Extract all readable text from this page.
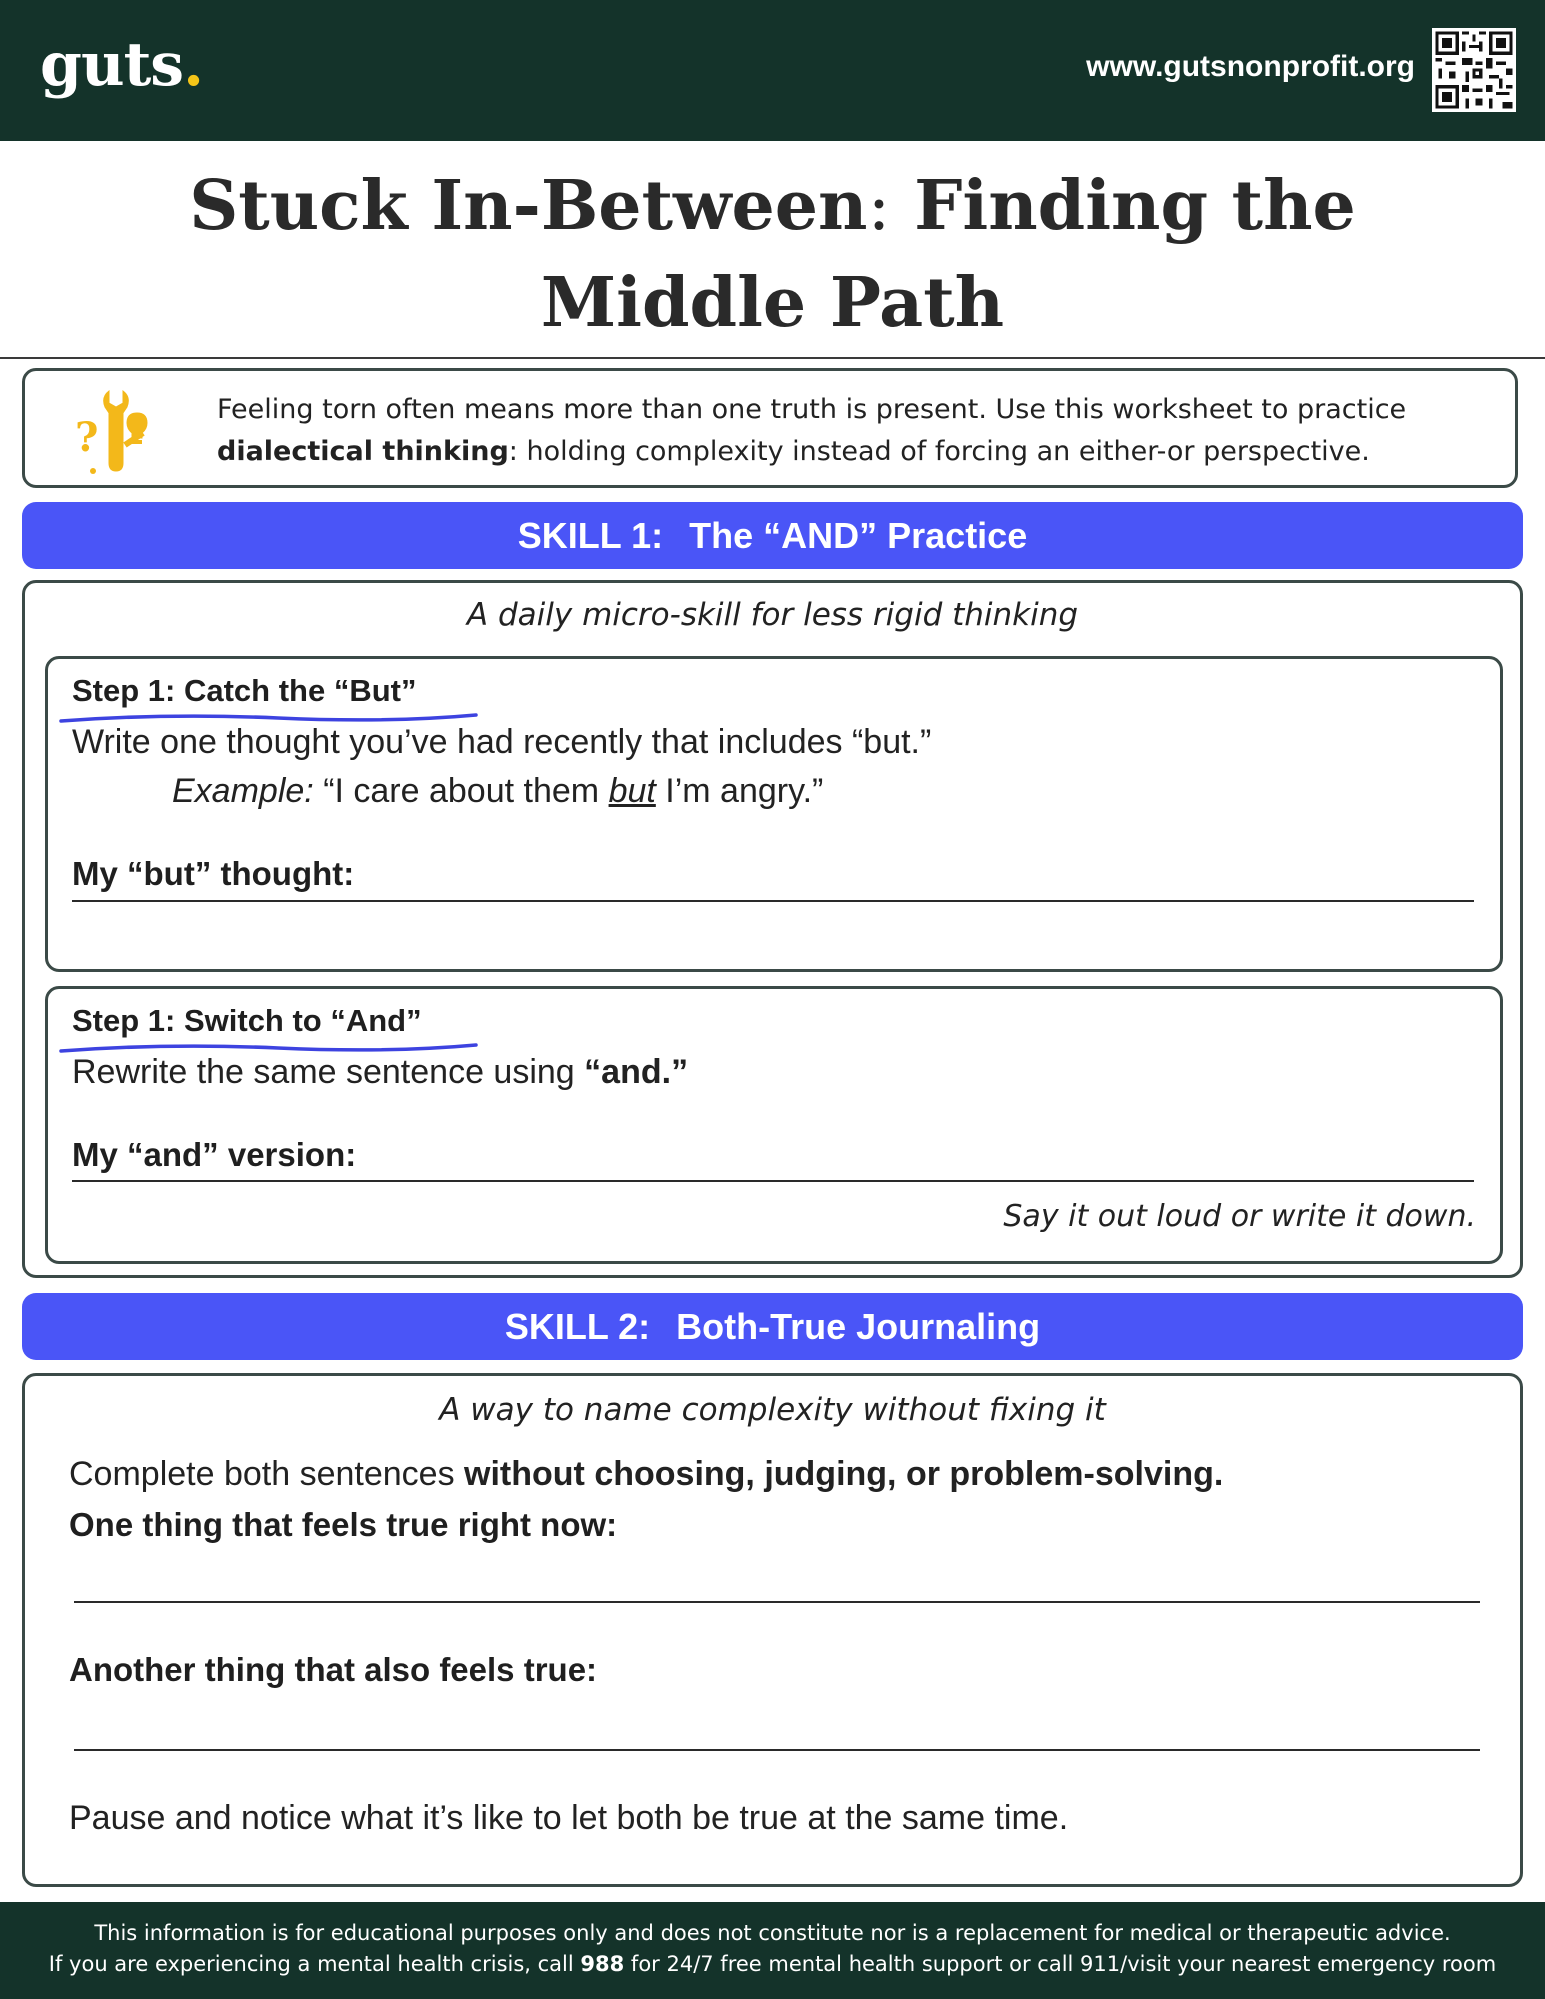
guts.	www.gutsnonprofit.org
Stuck In-Between: Finding the
Middle Path
?
Feeling torn often means more than one truth is present. Use this worksheet to practice dialectical thinking: holding complexity instead of forcing an either-or perspective.
SKILL 1: The “AND” Practice
A daily micro-skill for less rigid thinking
Step 1: Catch the “But”
Write one thought you’ve had recently that includes “but.”
Example: “I care about them but I’m angry.”
My “but” thought:
Step 1: Switch to “And”
Rewrite the same sentence using “and.”
My “and” version:
Say it out loud or write it down.
SKILL 2: Both-True Journaling
A way to name complexity without fixing it
Complete both sentences without choosing, judging, or problem-solving.
One thing that feels true right now:
Another thing that also feels true:
Pause and notice what it’s like to let both be true at the same time.
This information is for educational purposes only and does not constitute nor is a replacement for medical or therapeutic advice.
If you are experiencing a mental health crisis, call 988 for 24/7 free mental health support or call 911/visit your nearest emergency room
